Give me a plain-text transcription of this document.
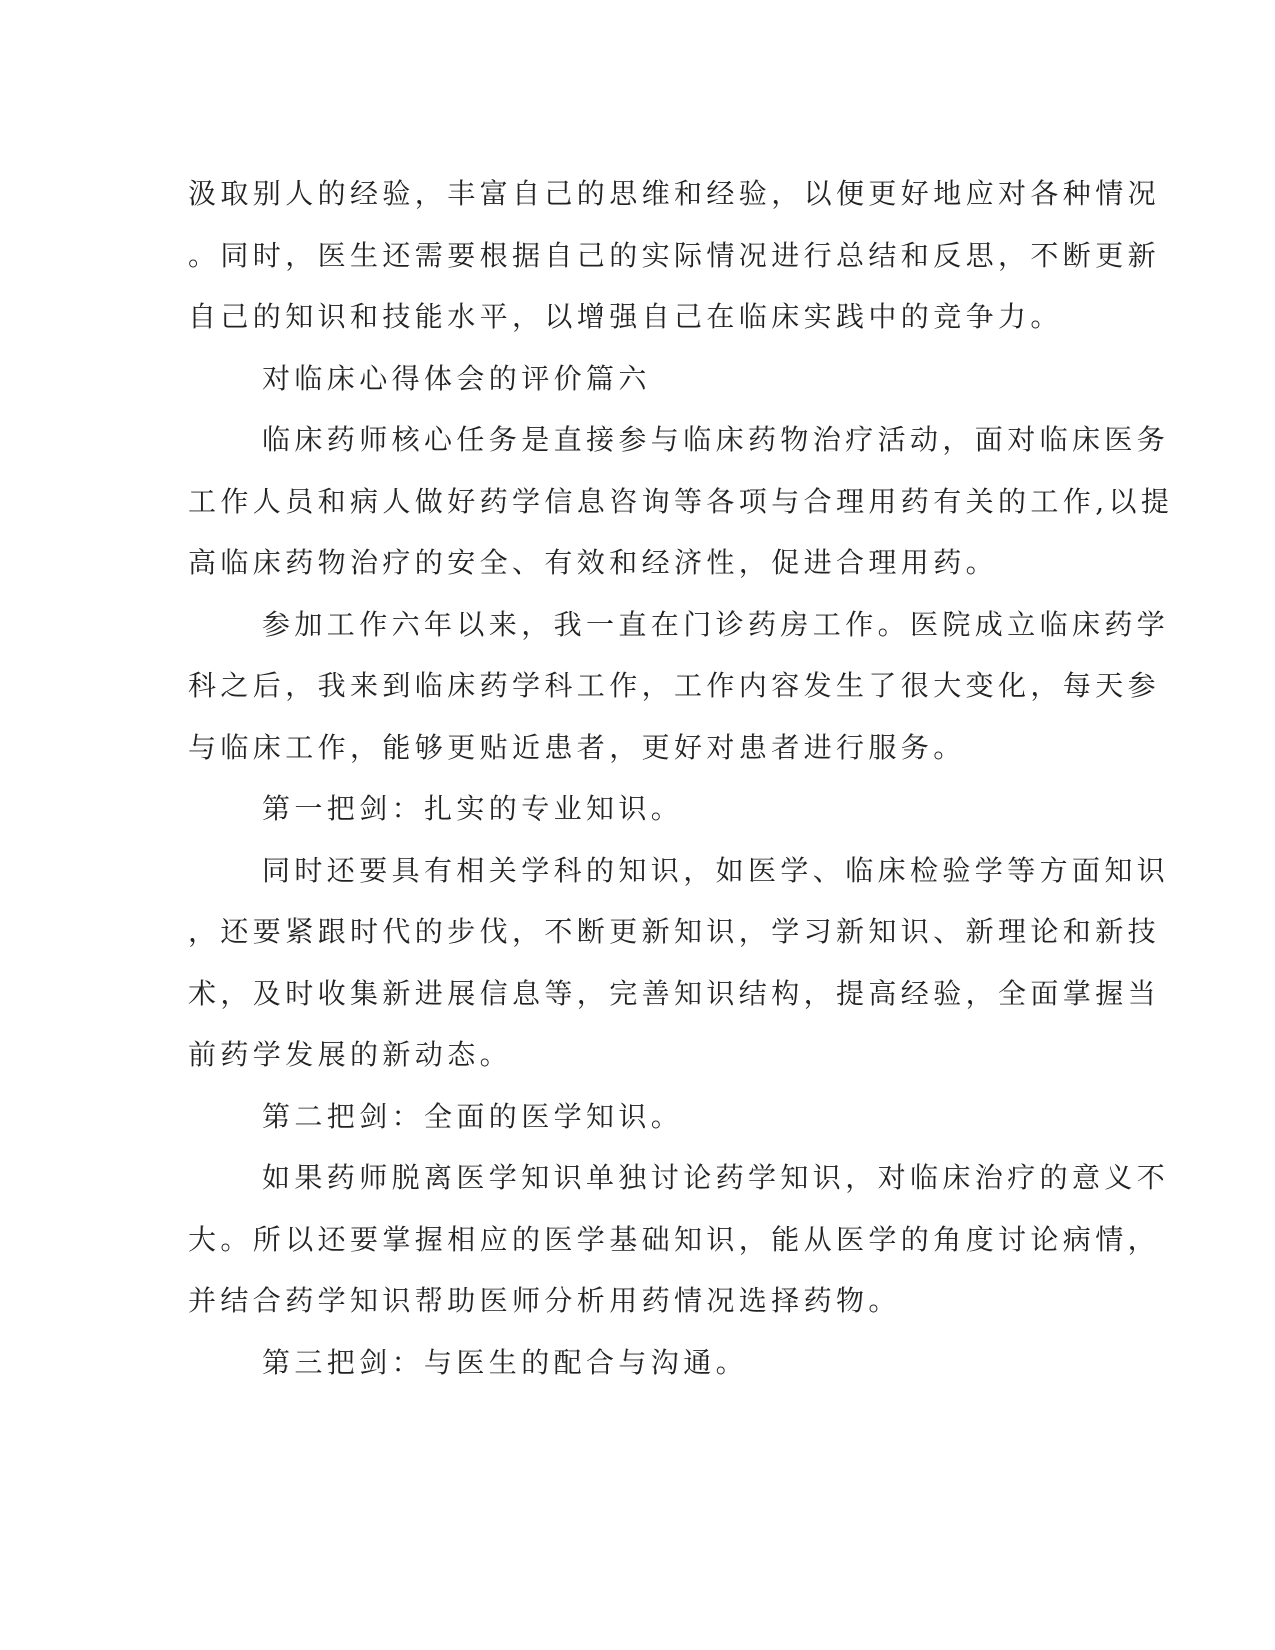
汲取别人的经验，丰富自己的思维和经验，以便更好地应对各种情况
。同时，医生还需要根据自己的实际情况进行总结和反思，不断更新
自己的知识和技能水平，以增强自己在临床实践中的竞争力。
对临床心得体会的评价篇六
临床药师核心任务是直接参与临床药物治疗活动，面对临床医务
工作人员和病人做好药学信息咨询等各项与合理用药有关的工作,以提
高临床药物治疗的安全、有效和经济性，促进合理用药。
参加工作六年以来，我一直在门诊药房工作。医院成立临床药学
科之后，我来到临床药学科工作，工作内容发生了很大变化，每天参
与临床工作，能够更贴近患者，更好对患者进行服务。
第一把剑：扎实的专业知识。
同时还要具有相关学科的知识，如医学、临床检验学等方面知识
，还要紧跟时代的步伐，不断更新知识，学习新知识、新理论和新技
术，及时收集新进展信息等，完善知识结构，提高经验，全面掌握当
前药学发展的新动态。
第二把剑：全面的医学知识。
如果药师脱离医学知识单独讨论药学知识，对临床治疗的意义不
大。所以还要掌握相应的医学基础知识，能从医学的角度讨论病情，
并结合药学知识帮助医师分析用药情况选择药物。
第三把剑：与医生的配合与沟通。
